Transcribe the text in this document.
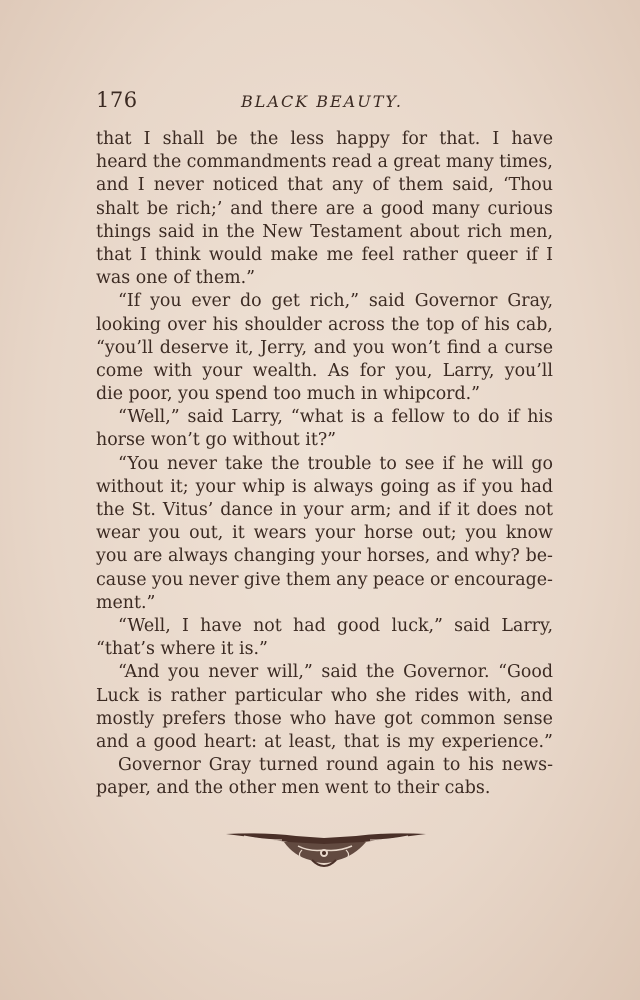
176	BLACK BEAUTY.
that I shall be the less happy for that. I have
heard the commandments read a great many times,
and I never noticed that any of them said, ‘Thou
shalt be rich;’ and there are a good many curious
things said in the New Testament about rich men,
that I think would make me feel rather queer if I
was one of them.”
“If you ever do get rich,” said Governor Gray,
looking over his shoulder across the top of his cab,
“you’ll deserve it, Jerry, and you won’t find a curse
come with your wealth. As for you, Larry, you’ll
die poor, you spend too much in whipcord.”
“Well,” said Larry, “what is a fellow to do if his
horse won’t go without it?”
“You never take the trouble to see if he will go
without it; your whip is always going as if you had
the St. Vitus’ dance in your arm; and if it does not
wear you out, it wears your horse out; you know
you are always changing your horses, and why? be-
cause you never give them any peace or encourage-
ment.”
“Well, I have not had good luck,” said Larry,
“that’s where it is.”
“And you never will,” said the Governor. “Good
Luck is rather particular who she rides with, and
mostly prefers those who have got common sense
and a good heart: at least, that is my experience.”
Governor Gray turned round again to his news-
paper, and the other men went to their cabs.
